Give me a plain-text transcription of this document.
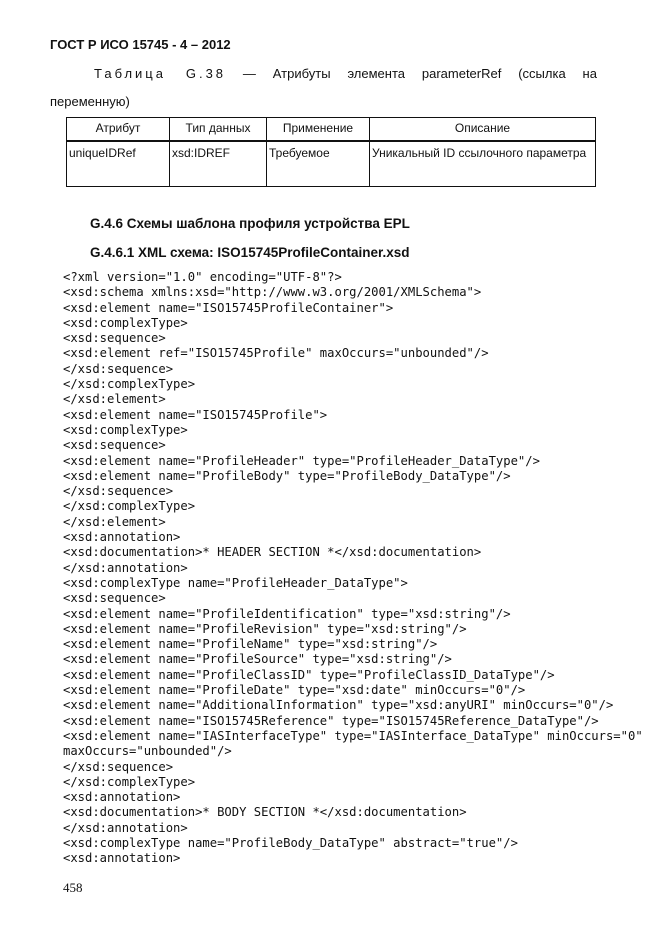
ГОСТ Р ИСО 15745 - 4 – 2012
Таблица G.38 — Атрибуты элемента parameterRef (ссылка на
переменную)
Атрибут	Тип данных	Применение	Описание
uniqueIDRef	xsd:IDREF	Требуемое	Уникальный ID ссылочного параметра
G.4.6 Схемы шаблона профиля устройства EPL
G.4.6.1 XML схема: ISO15745ProfileContainer.xsd
<?xml version="1.0" encoding="UTF-8"?>
<xsd:schema xmlns:xsd="http://www.w3.org/2001/XMLSchema">
<xsd:element name="ISO15745ProfileContainer">
<xsd:complexType>
<xsd:sequence>
<xsd:element ref="ISO15745Profile" maxOccurs="unbounded"/>
</xsd:sequence>
</xsd:complexType>
</xsd:element>
<xsd:element name="ISO15745Profile">
<xsd:complexType>
<xsd:sequence>
<xsd:element name="ProfileHeader" type="ProfileHeader_DataType"/>
<xsd:element name="ProfileBody" type="ProfileBody_DataType"/>
</xsd:sequence>
</xsd:complexType>
</xsd:element>
<xsd:annotation>
<xsd:documentation>* HEADER SECTION *</xsd:documentation>
</xsd:annotation>
<xsd:complexType name="ProfileHeader_DataType">
<xsd:sequence>
<xsd:element name="ProfileIdentification" type="xsd:string"/>
<xsd:element name="ProfileRevision" type="xsd:string"/>
<xsd:element name="ProfileName" type="xsd:string"/>
<xsd:element name="ProfileSource" type="xsd:string"/>
<xsd:element name="ProfileClassID" type="ProfileClassID_DataType"/>
<xsd:element name="ProfileDate" type="xsd:date" minOccurs="0"/>
<xsd:element name="AdditionalInformation" type="xsd:anyURI" minOccurs="0"/>
<xsd:element name="ISO15745Reference" type="ISO15745Reference_DataType"/>
<xsd:element name="IASInterfaceType" type="IASInterface_DataType" minOccurs="0"
maxOccurs="unbounded"/>
</xsd:sequence>
</xsd:complexType>
<xsd:annotation>
<xsd:documentation>* BODY SECTION *</xsd:documentation>
</xsd:annotation>
<xsd:complexType name="ProfileBody_DataType" abstract="true"/>
<xsd:annotation>
458
